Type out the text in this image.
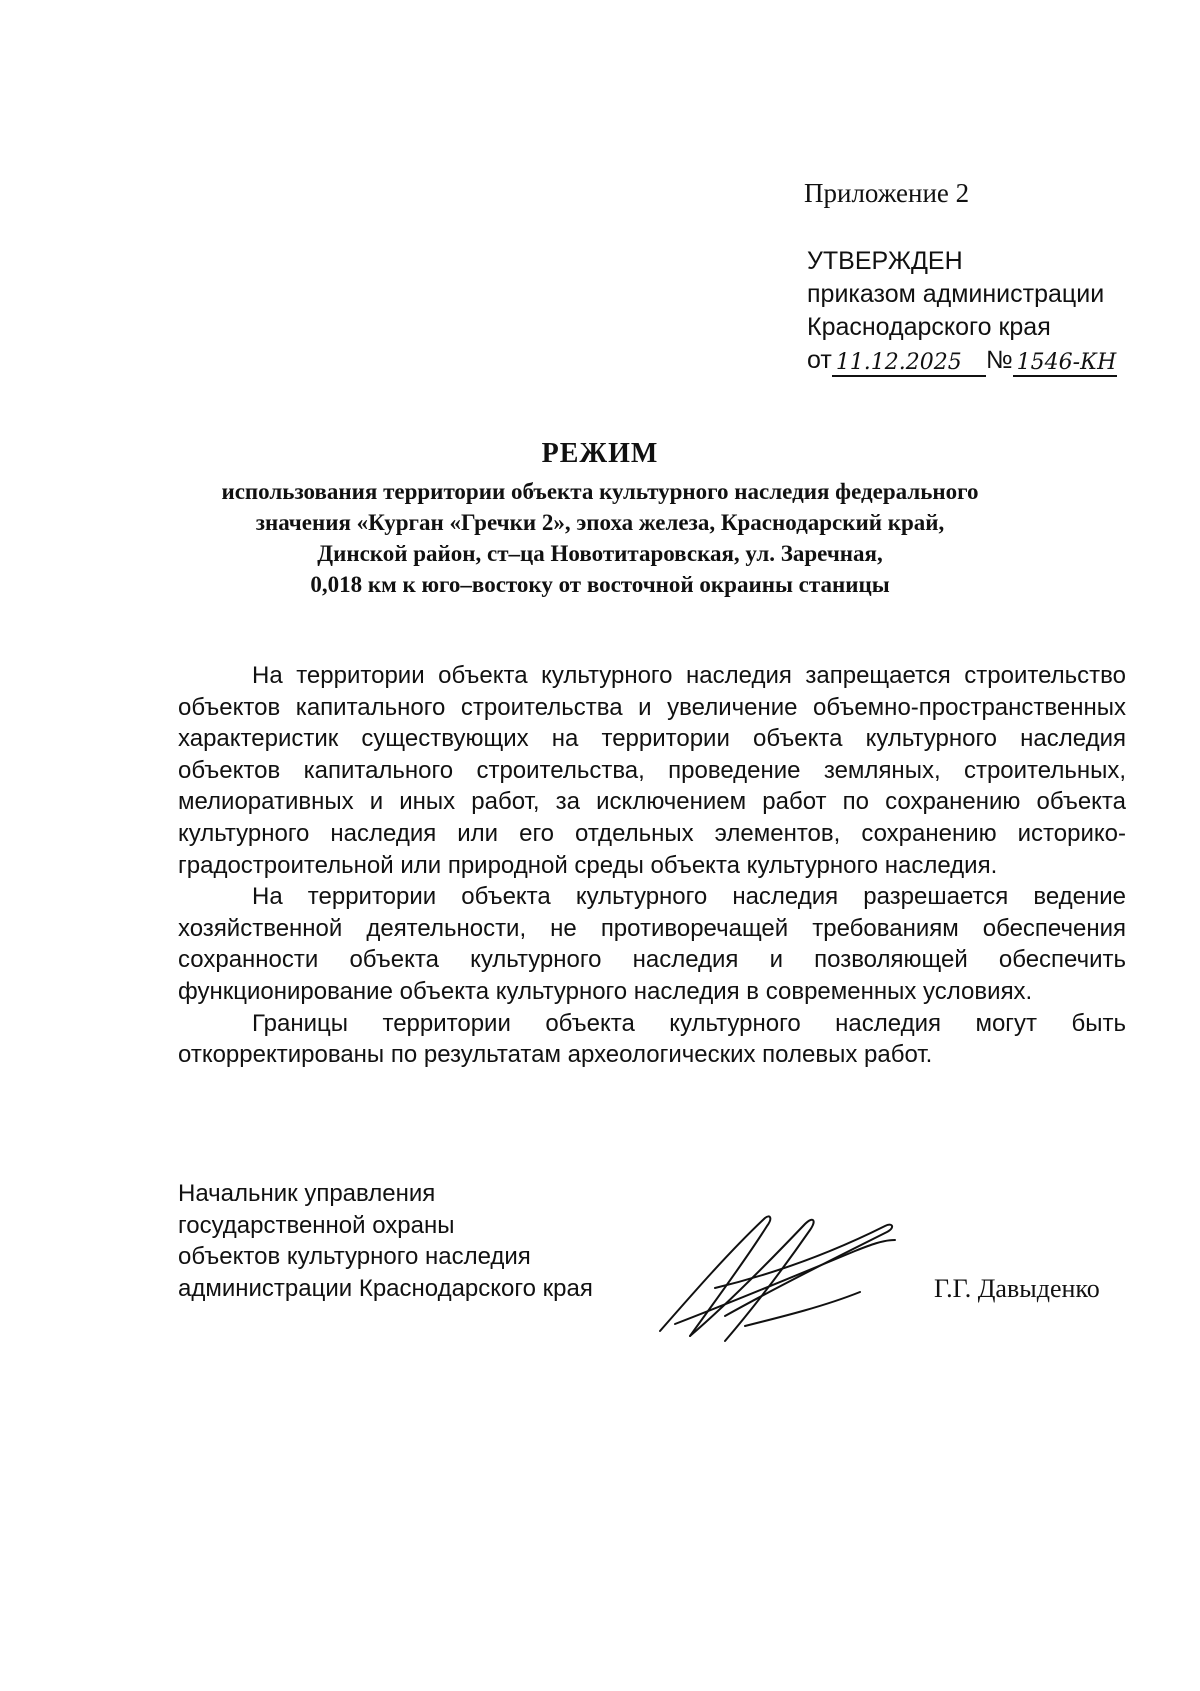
Приложение 2
УТВЕРЖДЕН
приказом администрации
Краснодарского края
от 11.12.2025 № 1546-КН
РЕЖИМ
использования территории объекта культурного наследия федерального
значения «Курган «Гречки 2», эпоха железа, Краснодарский край,
Динской район, ст–ца Новотитаровская, ул. Заречная,
0,018 км к юго–востоку от восточной окраины станицы

На территории объекта культурного наследия запрещается строительство объектов капитального строительства и увеличение объемно-пространственных характеристик существующих на территории объекта культурного наследия объектов капитального строительства, проведение земляных, строительных, мелиоративных и иных работ, за исключением работ по сохранению объекта культурного наследия или его отдельных элементов, сохранению историко-градостроительной или природной среды объекта культурного наследия.

На территории объекта культурного наследия разрешается ведение хозяйственной деятельности, не противоречащей требованиям обеспечения сохранности объекта культурного наследия и позволяющей обеспечить функционирование объекта культурного наследия в современных условиях.

Границы территории объекта культурного наследия могут быть откорректированы по результатам археологических полевых работ.

Начальник управления
государственной охраны
объектов культурного наследия
администрации Краснодарского края	Г.Г. Давыденко
